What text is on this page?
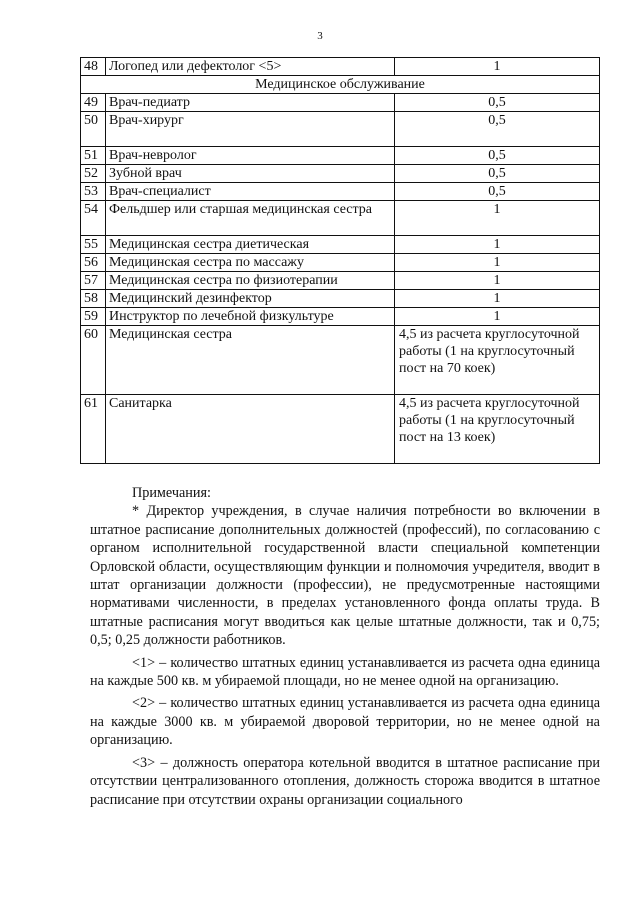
3
48	Логопед или дефектолог <5>	1
Медицинское обслуживание		
49	Врач-педиатр	0,5
50	Врач-хирург	0,5
51	Врач-невролог	0,5
52	Зубной врач	0,5
53	Врач-специалист	0,5
54	Фельдшер или старшая медицинская сестра	1
55	Медицинская сестра диетическая	1
56	Медицинская сестра по массажу	1
57	Медицинская сестра по физиотерапии	1
58	Медицинский дезинфектор	1
59	Инструктор по лечебной физкультуре	1
60	Медицинская сестра	4,5 из расчета круглосуточной работы (1 на круглосуточный пост на 70 коек)
61	Санитарка	4,5 из расчета круглосуточной работы (1 на круглосуточный пост на 13 коек)

Примечания:

* Директор учреждения, в случае наличия потребности во включении в штатное расписание дополнительных должностей (профессий), по согласованию с органом исполнительной государственной власти специальной компетенции Орловской области, осуществляющим функции и полномочия учредителя, вводит в штат организации должности (профессии), не предусмотренные настоящими нормативами численности, в пределах установленного фонда оплаты труда. В штатные расписания могут вводиться как целые штатные должности, так и 0,75; 0,5; 0,25 должности работников.

<1> – количество штатных единиц устанавливается из расчета одна единица на каждые 500 кв. м убираемой площади, но не менее одной на организацию.

<2> – количество штатных единиц устанавливается из расчета одна единица на каждые 3000 кв. м убираемой дворовой территории, но не менее одной на организацию.

<3> – должность оператора котельной вводится в штатное расписание при отсутствии централизованного отопления, должность сторожа вводится в штатное расписание при отсутствии охраны организации социального
